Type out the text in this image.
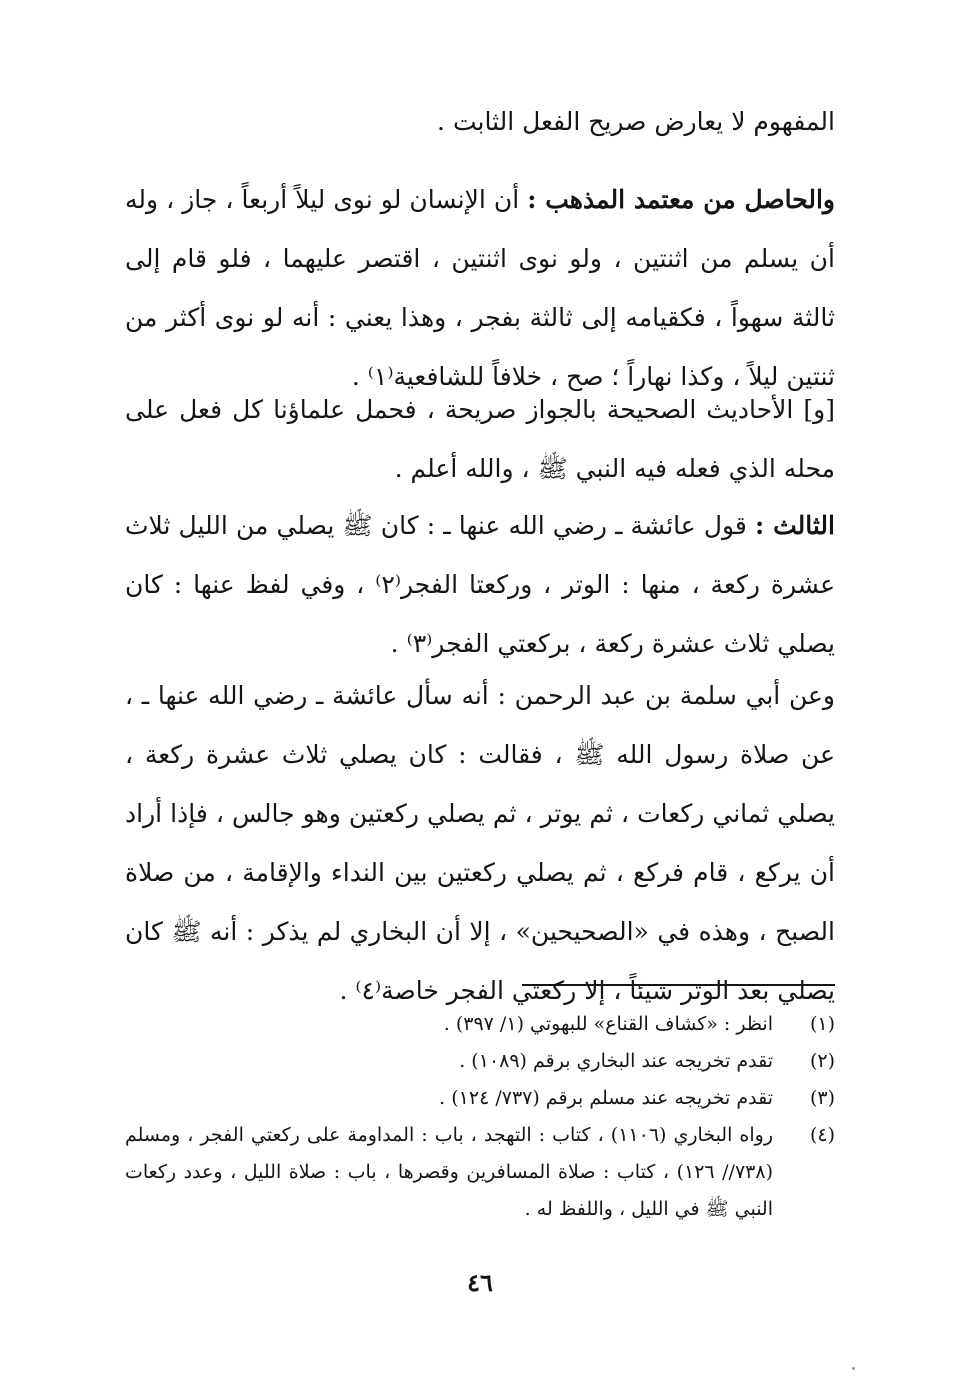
المفهوم لا يعارض صريح الفعل الثابت .
والحاصل من معتمد المذهب : أن الإنسان لو نوى ليلاً أربعاً ، جاز ، وله أن يسلم من اثنتين ، ولو نوى اثنتين ، اقتصر عليهما ، فلو قام إلى ثالثة سهواً ، فكقيامه إلى ثالثة بفجر ، وهذا يعني : أنه لو نوى أكثر من ثنتين ليلاً ، وكذا نهاراً ؛ صح ، خلافاً للشافعية⁽١⁾ .
[و] الأحاديث الصحيحة بالجواز صريحة ، فحمل علماؤنا كل فعل على محله الذي فعله فيه النبي ﷺ ، والله أعلم .
الثالث : قول عائشة ـ رضي الله عنها ـ : كان ﷺ يصلي من الليل ثلاث عشرة ركعة ، منها : الوتر ، وركعتا الفجر⁽٢⁾ ، وفي لفظ عنها : كان يصلي ثلاث عشرة ركعة ، بركعتي الفجر⁽٣⁾ .
وعن أبي سلمة بن عبد الرحمن : أنه سأل عائشة ـ رضي الله عنها ـ ، عن صلاة رسول الله ﷺ ، فقالت : كان يصلي ثلاث عشرة ركعة ، يصلي ثماني ركعات ، ثم يوتر ، ثم يصلي ركعتين وهو جالس ، فإذا أراد أن يركع ، قام فركع ، ثم يصلي ركعتين بين النداء والإقامة ، من صلاة الصبح ، وهذه في «الصحيحين» ، إلا أن البخاري لم يذكر : أنه ﷺ كان يصلي بعد الوتر شيئاً ، إلا ركعتي الفجر خاصة⁽٤⁾ .
(١)
انظر : «كشاف القناع» للبهوتي (١/ ٣٩٧) .
(٢)
تقدم تخريجه عند البخاري برقم (١٠٨٩) .
(٣)
تقدم تخريجه عند مسلم برقم (٧٣٧/ ١٢٤) .
(٤)
رواه البخاري (١١٠٦) ، كتاب : التهجد ، باب : المداومة على ركعتي الفجر ، ومسلم (٧٣٨// ١٢٦) ، كتاب : صلاة المسافرين وقصرها ، باب : صلاة الليل ، وعدد ركعات النبي ﷺ في الليل ، واللفظ له .
٤٦
